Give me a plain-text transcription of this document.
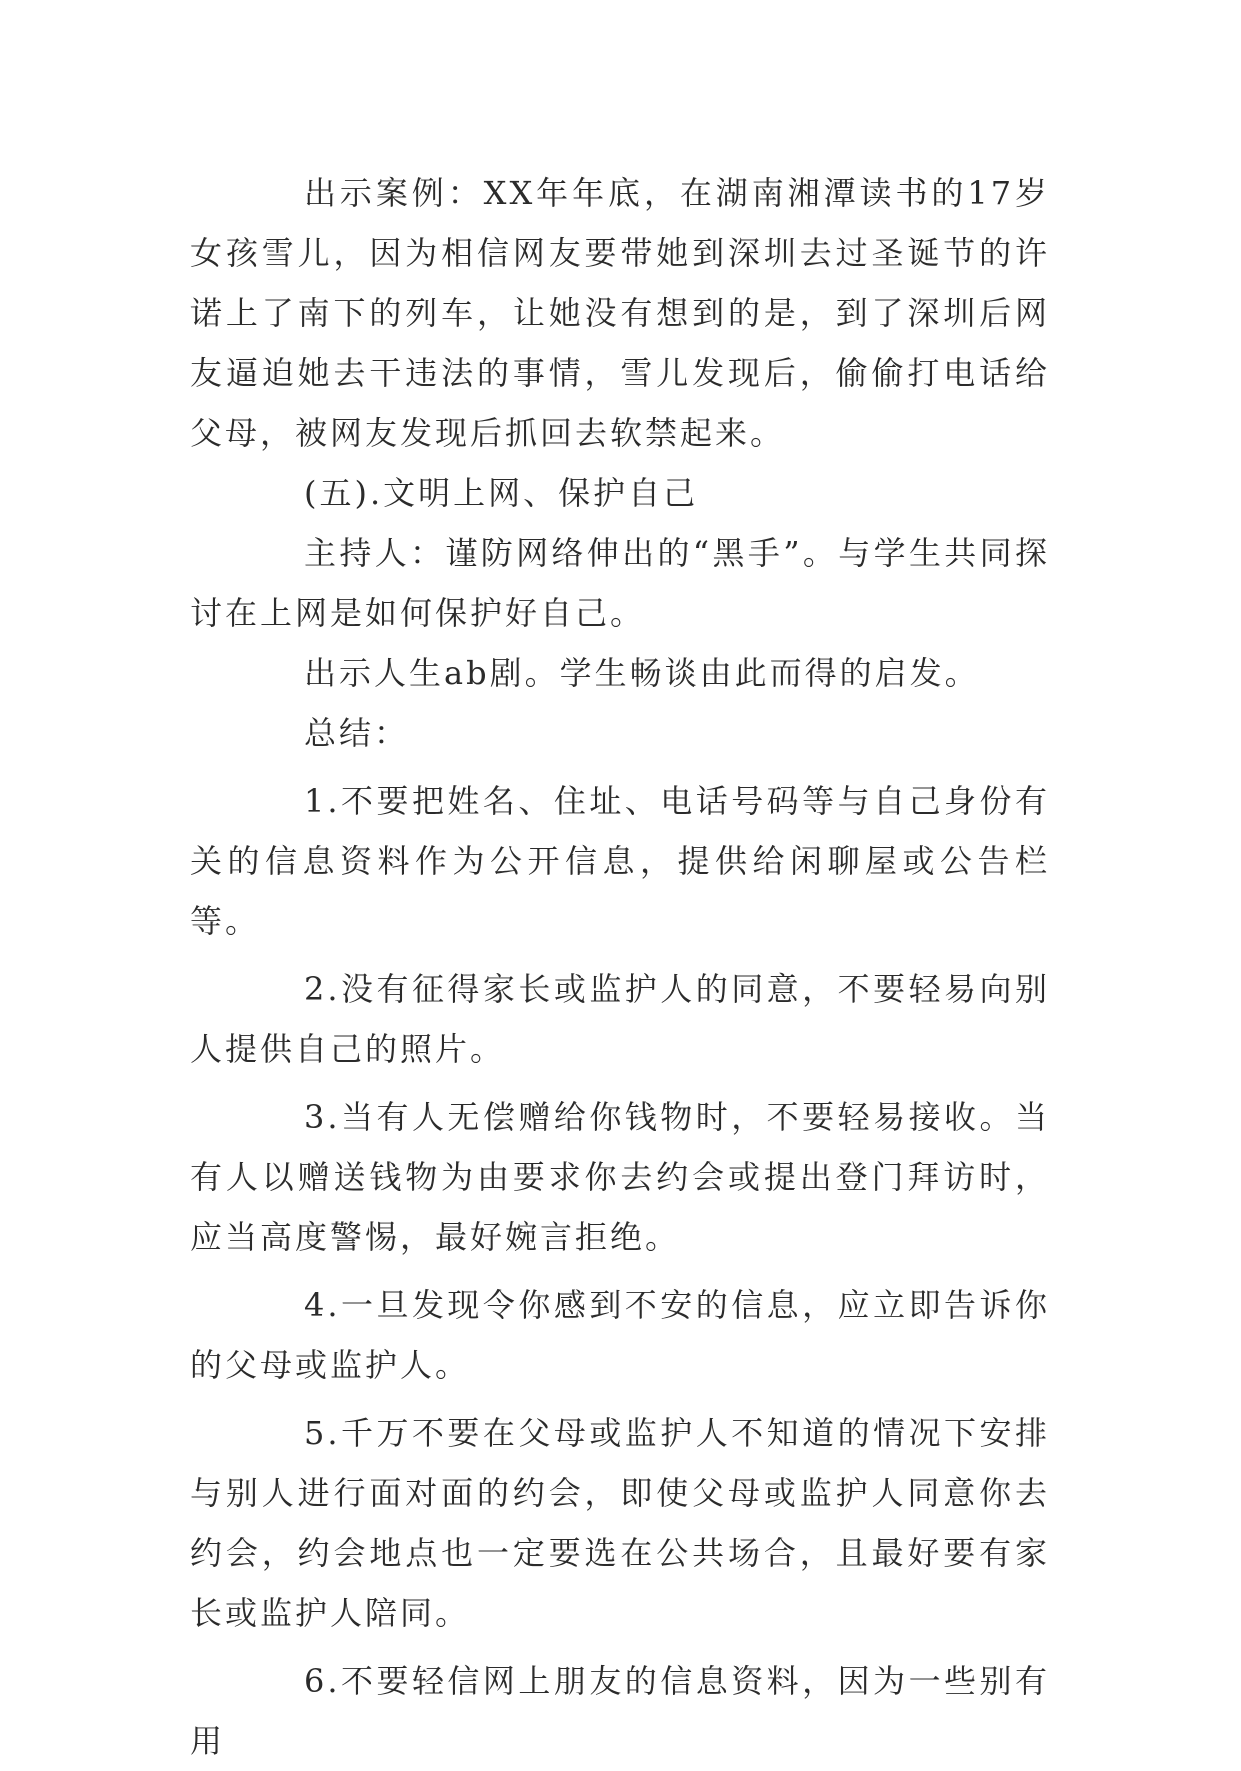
出示案例：XX年年底，在湖南湘潭读书的17岁女孩雪儿，因为相信网友要带她到深圳去过圣诞节的许诺上了南下的列车，让她没有想到的是，到了深圳后网友逼迫她去干违法的事情，雪儿发现后，偷偷打电话给父母，被网友发现后抓回去软禁起来。

(五).文明上网、保护自己

主持人：谨防网络伸出的“黑手”。与学生共同探讨在上网是如何保护好自己。

出示人生ab剧。学生畅谈由此而得的启发。

总结：

1.不要把姓名、住址、电话号码等与自己身份有关的信息资料作为公开信息，提供给闲聊屋或公告栏等。

2.没有征得家长或监护人的同意，不要轻易向别人提供自己的照片。

3.当有人无偿赠给你钱物时，不要轻易接收。当有人以赠送钱物为由要求你去约会或提出登门拜访时，应当高度警惕，最好婉言拒绝。

4.一旦发现令你感到不安的信息，应立即告诉你的父母或监护人。

5.千万不要在父母或监护人不知道的情况下安排与别人进行面对面的约会，即使父母或监护人同意你去约会，约会地点也一定要选在公共场合，且最好要有家长或监护人陪同。

6.不要轻信网上朋友的信息资料，因为一些别有用
